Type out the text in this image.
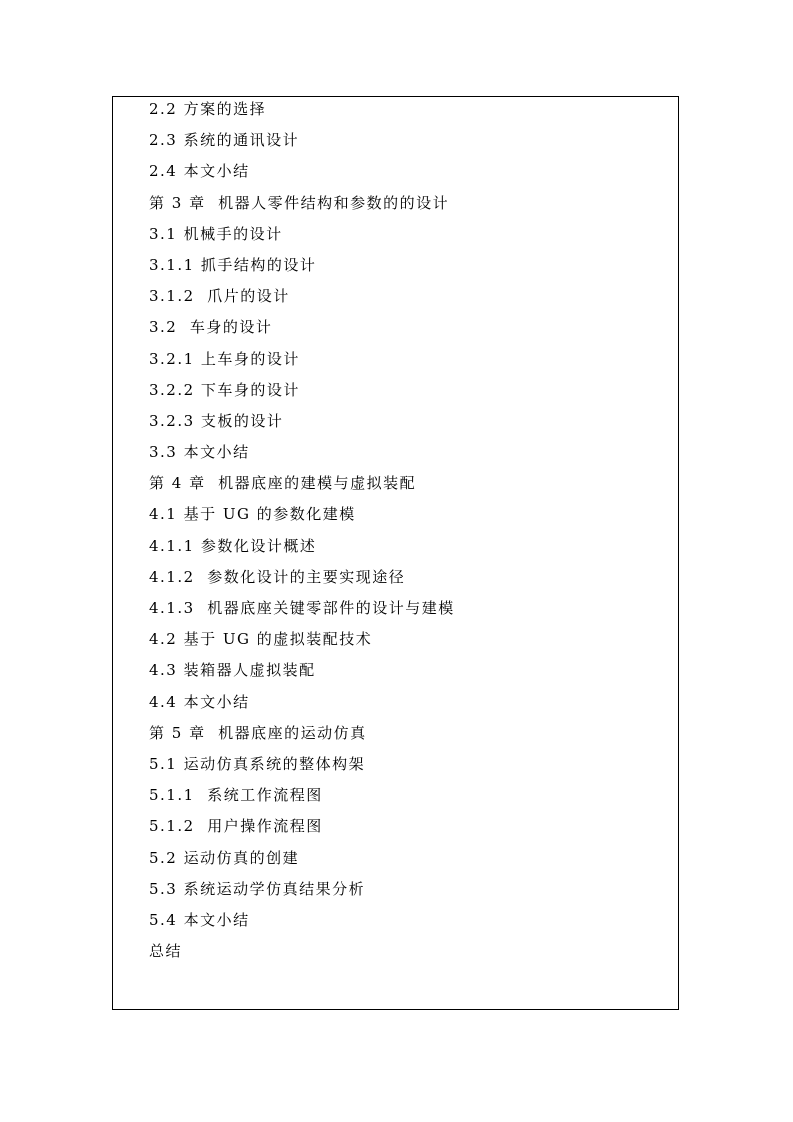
2.2 方案的选择
2.3 系统的通讯设计
2.4 本文小结
第 3 章  机器人零件结构和参数的的设计
3.1 机械手的设计
3.1.1 抓手结构的设计
3.1.2  爪片的设计
3.2  车身的设计
3.2.1 上车身的设计
3.2.2 下车身的设计
3.2.3 支板的设计
3.3 本文小结
第 4 章  机器底座的建模与虚拟装配
4.1 基于 UG 的参数化建模
4.1.1 参数化设计概述
4.1.2  参数化设计的主要实现途径
4.1.3  机器底座关键零部件的设计与建模
4.2 基于 UG 的虚拟装配技术
4.3 装箱器人虚拟装配
4.4 本文小结
第 5 章  机器底座的运动仿真
5.1 运动仿真系统的整体构架
5.1.1  系统工作流程图
5.1.2  用户操作流程图
5.2 运动仿真的创建
5.3 系统运动学仿真结果分析
5.4 本文小结
总结
